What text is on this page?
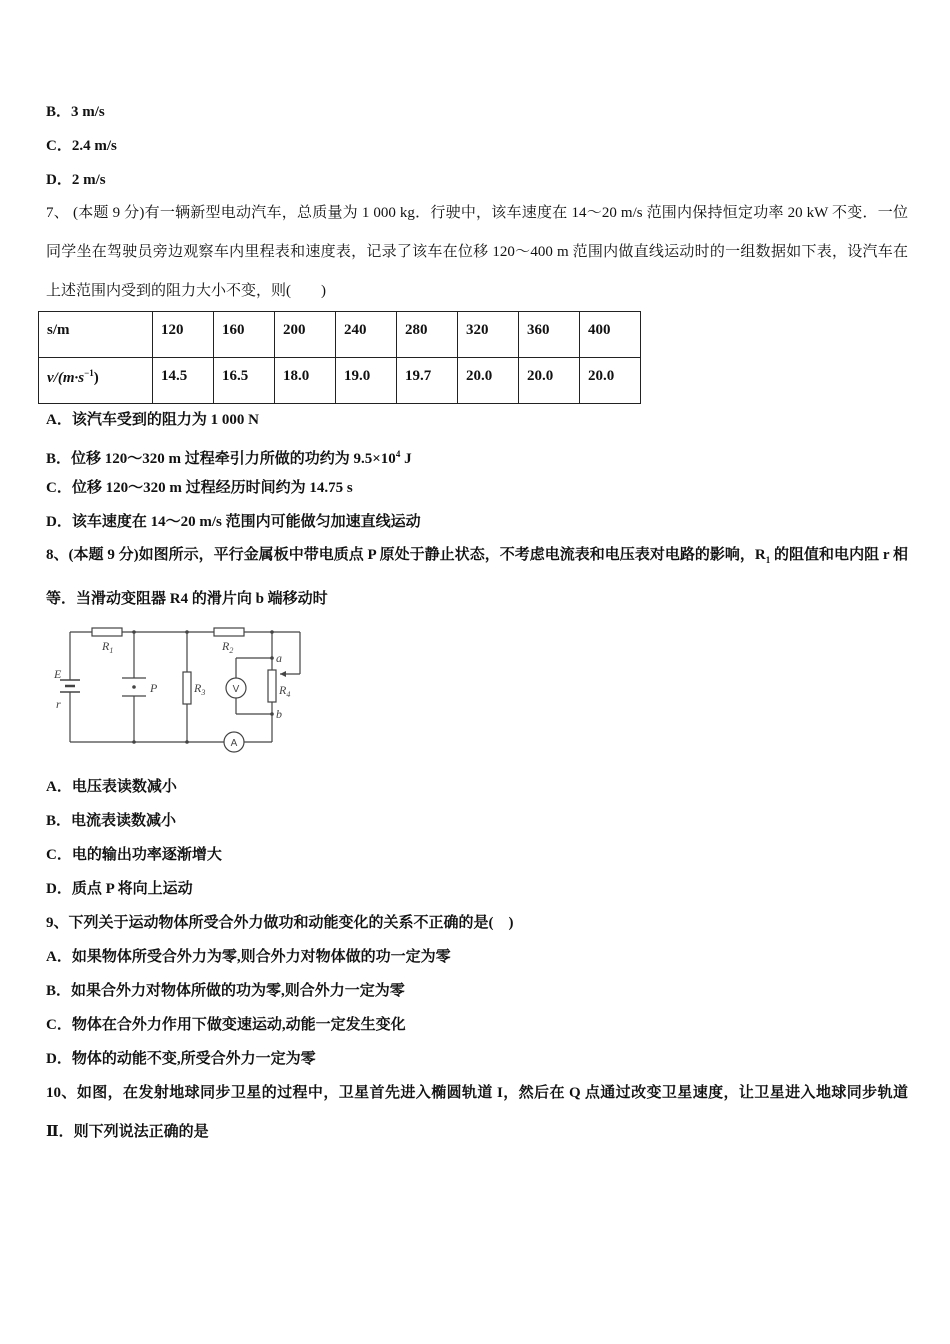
B．3 m/s
C．2.4 m/s
D．2 m/s
7、 (本题 9 分)有一辆新型电动汽车，总质量为 1 000 kg．行驶中，该车速度在 14～20 m/s 范围内保持恒定功率 20 kW 不变．一位同学坐在驾驶员旁边观察车内里程表和速度表，记录了该车在位移 120～400 m 范围内做直线运动时的一组数据如下表，设汽车在上述范围内受到的阻力大小不变，则(　　)
s/m	120	160	200	240	280	320	360	400
$v/(m\cdot s^{-1})$	14.5	16.5	18.0	19.0	19.7	20.0	20.0	20.0
A．该汽车受到的阻力为 1 000 N
B．位移 120～320 m 过程牵引力所做的功约为 $9.5\times 10^4$ J
C．位移 120～320 m 过程经历时间约为 14.75 s
D．该车速度在 14～20 m/s 范围内可能做匀加速直线运动
8、(本题 9 分)如图所示，平行金属板中带电质点 P 原处于静止状态，不考虑电流表和电压表对电路的影响，$R_1$ 的阻值和电内阻 r 相等．当滑动变阻器 R4 的滑片向 b 端移动时
E
r
$R_1$
P
$R_2$
$R_3$	$R_4$
a
b
V
A
A．电压表读数减小
B．电流表读数减小
C．电的输出功率逐渐增大
D．质点 P 将向上运动
9、下列关于运动物体所受合外力做功和动能变化的关系不正确的是(　)
A．如果物体所受合外力为零,则合外力对物体做的功一定为零
B．如果合外力对物体所做的功为零,则合外力一定为零
C．物体在合外力作用下做变速运动,动能一定发生变化
D．物体的动能不变,所受合外力一定为零
10、如图，在发射地球同步卫星的过程中，卫星首先进入椭圆轨道 I，然后在 Q 点通过改变卫星速度，让卫星进入地球同步轨道Ⅱ．则下列说法正确的是
